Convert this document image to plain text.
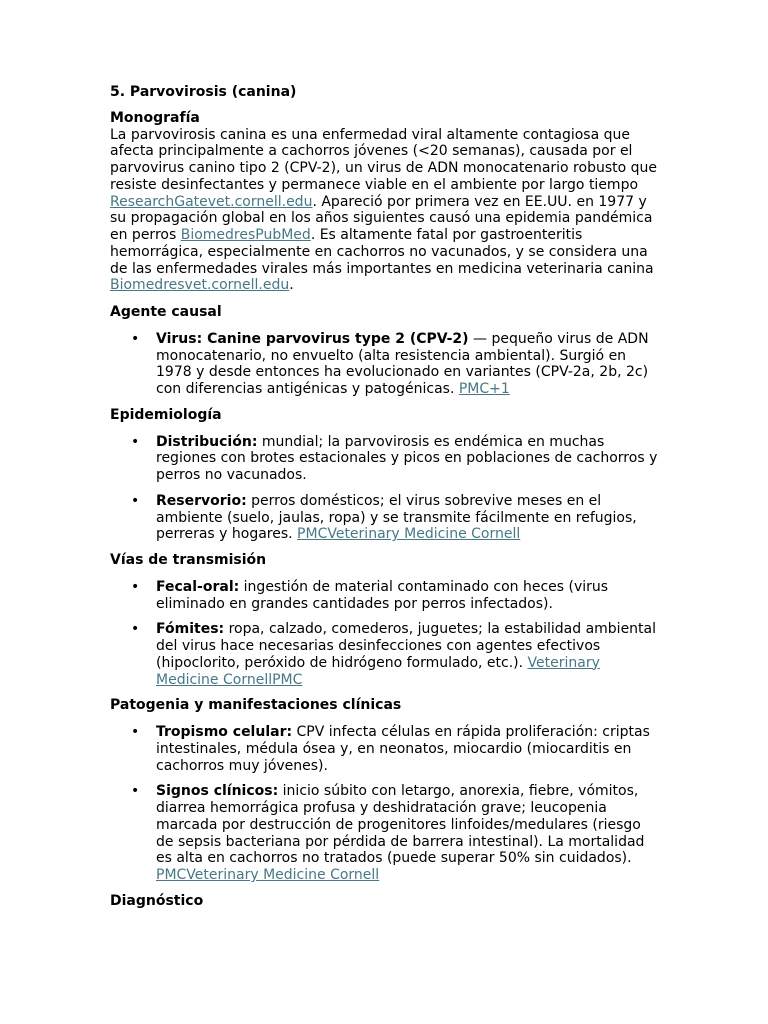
5. Parvovirosis (canina)

Monografía

La parvovirosis canina es una enfermedad viral altamente contagiosa que afecta principalmente a cachorros jóvenes (<20 semanas), causada por el parvovirus canino tipo 2 (CPV-2), un virus de ADN monocatenario robusto que resiste desinfectantes y permanece viable en el ambiente por largo tiempo ResearchGatevet.cornell.edu. Apareció por primera vez en EE.UU. en 1977 y su propagación global en los años siguientes causó una epidemia pandémica en perros BiomedresPubMed. Es altamente fatal por gastroenteritis hemorrágica, especialmente en cachorros no vacunados, y se considera una de las enfermedades virales más importantes en medicina veterinaria canina Biomedresvet.cornell.edu.

Agente causal
• Virus: Canine parvovirus type 2 (CPV-2) — pequeño virus de ADN monocatenario, no envuelto (alta resistencia ambiental). Surgió en 1978 y desde entonces ha evolucionado en variantes (CPV-2a, 2b, 2c) con diferencias antigénicas y patogénicas. PMC+1
Epidemiología
• Distribución: mundial; la parvovirosis es endémica en muchas regiones con brotes estacionales y picos en poblaciones de cachorros y perros no vacunados.
• Reservorio: perros domésticos; el virus sobrevive meses en el ambiente (suelo, jaulas, ropa) y se transmite fácilmente en refugios, perreras y hogares. PMCVeterinary Medicine Cornell
Vías de transmisión
• Fecal-oral: ingestión de material contaminado con heces (virus eliminado en grandes cantidades por perros infectados).
• Fómites: ropa, calzado, comederos, juguetes; la estabilidad ambiental del virus hace necesarias desinfecciones con agentes efectivos (hipoclorito, peróxido de hidrógeno formulado, etc.). Veterinary Medicine CornellPMC
Patogenia y manifestaciones clínicas
• Tropismo celular: CPV infecta células en rápida proliferación: criptas intestinales, médula ósea y, en neonatos, miocardio (miocarditis en cachorros muy jóvenes).
• Signos clínicos: inicio súbito con letargo, anorexia, fiebre, vómitos, diarrea hemorrágica profusa y deshidratación grave; leucopenia marcada por destrucción de progenitores linfoides/medulares (riesgo de sepsis bacteriana por pérdida de barrera intestinal). La mortalidad es alta en cachorros no tratados (puede superar 50% sin cuidados). PMCVeterinary Medicine Cornell
Diagnóstico
